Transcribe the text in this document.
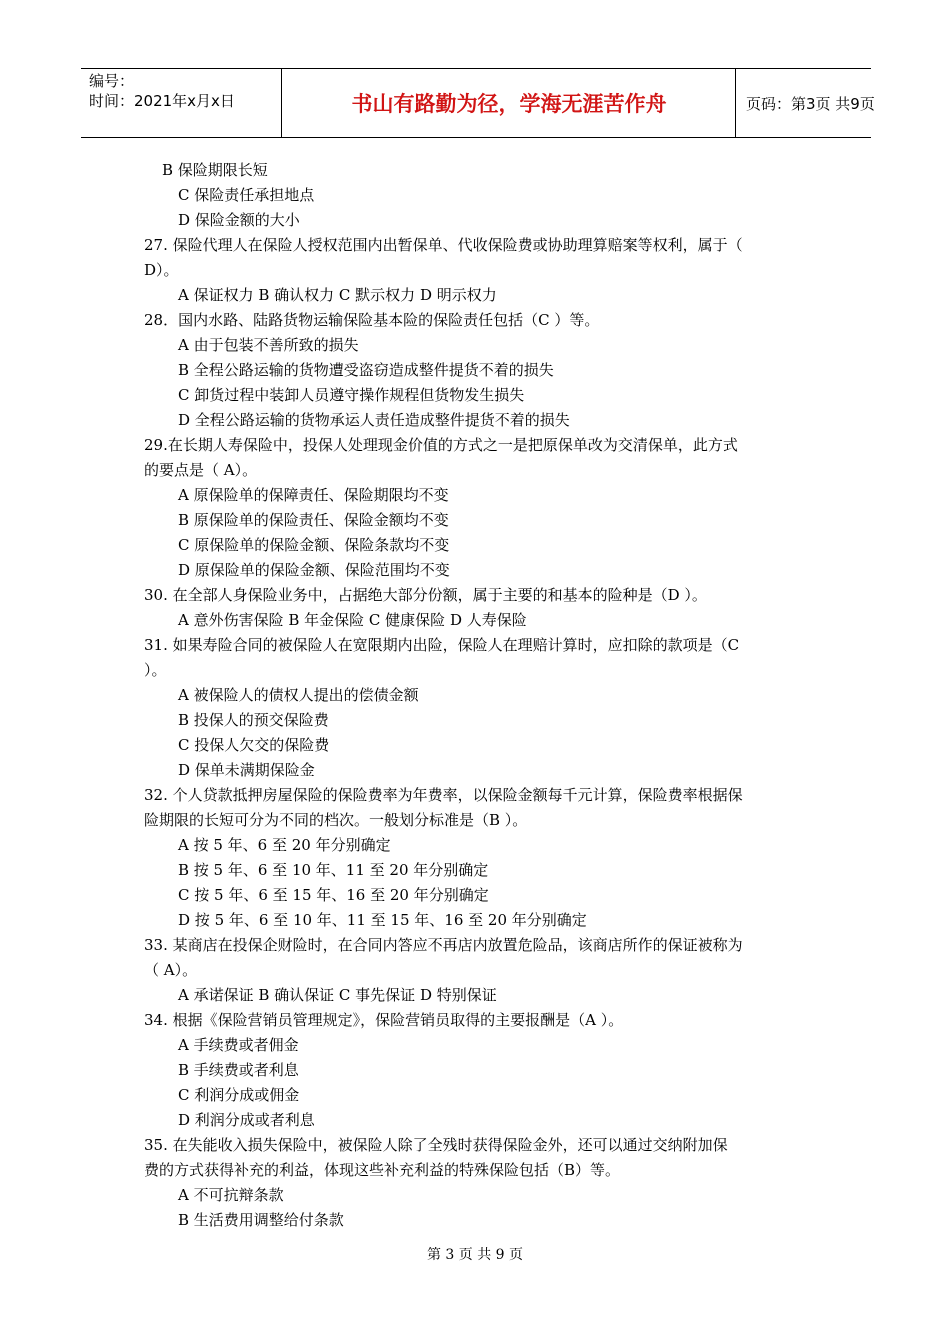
编号：
时间：2021年x月x日	书山有路勤为径，学海无涯苦作舟	页码：第3页 共9页
B 保险期限长短
C 保险责任承担地点
D 保险金额的大小
27. 保险代理人在保险人授权范围内出暂保单、代收保险费或协助理算赔案等权利，属于（
D）。
A 保证权力 B 确认权力 C 默示权力 D 明示权力
28．国内水路、陆路货物运输保险基本险的保险责任包括（C ）等。
A 由于包装不善所致的损失
B 全程公路运输的货物遭受盗窃造成整件提货不着的损失
C 卸货过程中装卸人员遵守操作规程但货物发生损失
D 全程公路运输的货物承运人责任造成整件提货不着的损失
29.在长期人寿保险中，投保人处理现金价值的方式之一是把原保单改为交清保单，此方式
的要点是（ A）。
A 原保险单的保障责任、保险期限均不变
B 原保险单的保险责任、保险金额均不变
C 原保险单的保险金额、保险条款均不变
D 原保险单的保险金额、保险范围均不变
30. 在全部人身保险业务中，占据绝大部分份额，属于主要的和基本的险种是（D ）。
A 意外伤害保险 B 年金保险 C 健康保险 D 人寿保险
31. 如果寿险合同的被保险人在宽限期内出险，保险人在理赔计算时，应扣除的款项是（C
）。
A 被保险人的债权人提出的偿债金额
B 投保人的预交保险费
C 投保人欠交的保险费
D 保单未满期保险金
32. 个人贷款抵押房屋保险的保险费率为年费率，以保险金额每千元计算，保险费率根据保
险期限的长短可分为不同的档次。一般划分标准是（B ）。
A 按 5 年、6 至 20 年分别确定
B 按 5 年、6 至 10 年、11 至 20 年分别确定
C 按 5 年、6 至 15 年、16 至 20 年分别确定
D 按 5 年、6 至 10 年、11 至 15 年、16 至 20 年分别确定
33. 某商店在投保企财险时，在合同内答应不再店内放置危险品，该商店所作的保证被称为
（ A）。
A 承诺保证 B 确认保证 C 事先保证 D 特别保证
34. 根据《保险营销员管理规定》，保险营销员取得的主要报酬是（A ）。
A 手续费或者佣金
B 手续费或者利息
C 利润分成或佣金
D 利润分成或者利息
35. 在失能收入损失保险中，被保险人除了全残时获得保险金外，还可以通过交纳附加保
费的方式获得补充的利益，体现这些补充利益的特殊保险包括（B）等。
A 不可抗辩条款
B 生活费用调整给付条款
第 3 页 共 9 页
